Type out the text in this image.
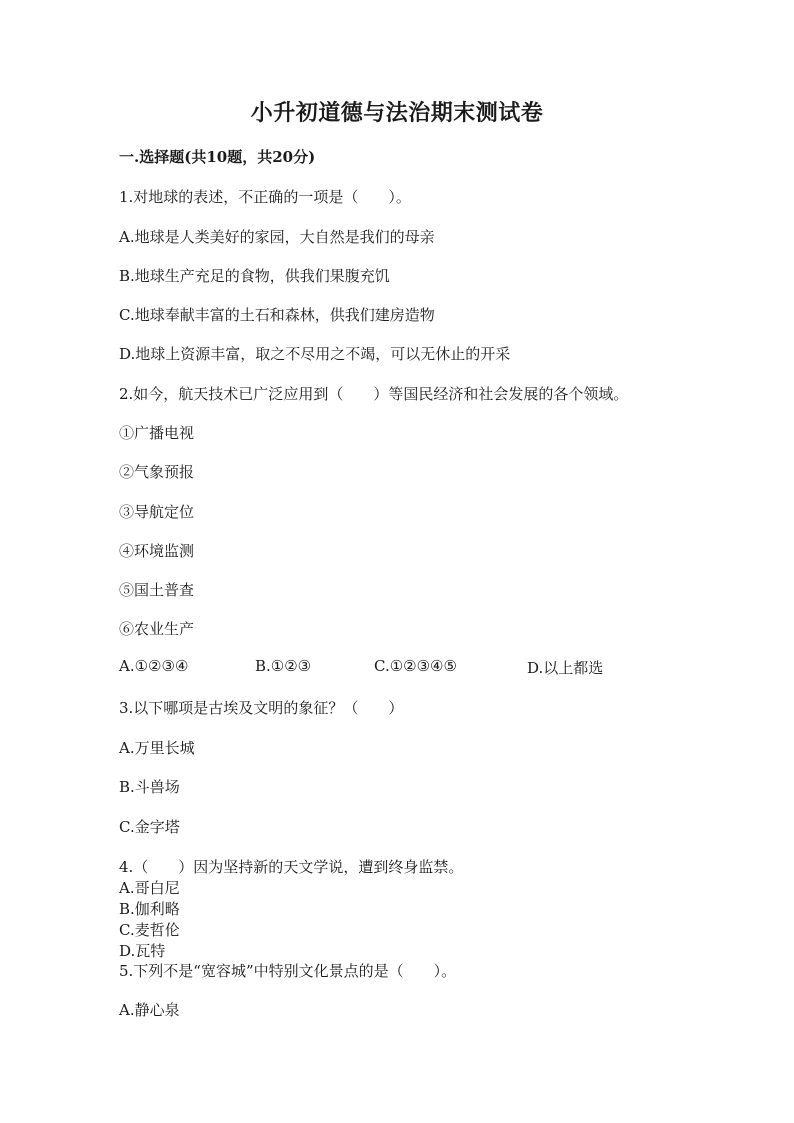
小升初道德与法治期末测试卷
一.选择题(共10题，共20分)
1.对地球的表述，不正确的一项是（　　）。
A.地球是人类美好的家园，大自然是我们的母亲
B.地球生产充足的食物，供我们果腹充饥
C.地球奉献丰富的土石和森林，供我们建房造物
D.地球上资源丰富，取之不尽用之不竭，可以无休止的开采
2.如今，航天技术已广泛应用到（　　）等国民经济和社会发展的各个领域。
①广播电视
②气象预报
③导航定位
④环境监测
⑤国土普查
⑥农业生产
A.①②③④	B.①②③	C.①②③④⑤	D.以上都选
3.以下哪项是古埃及文明的象征？（　　）
A.万里长城
B.斗兽场
C.金字塔
4.（　　）因为坚持新的天文学说，遭到终身监禁。
A.哥白尼
B.伽利略
C.麦哲伦
D.瓦特
5.下列不是“宽容城”中特别文化景点的是（　　）。
A.静心泉
